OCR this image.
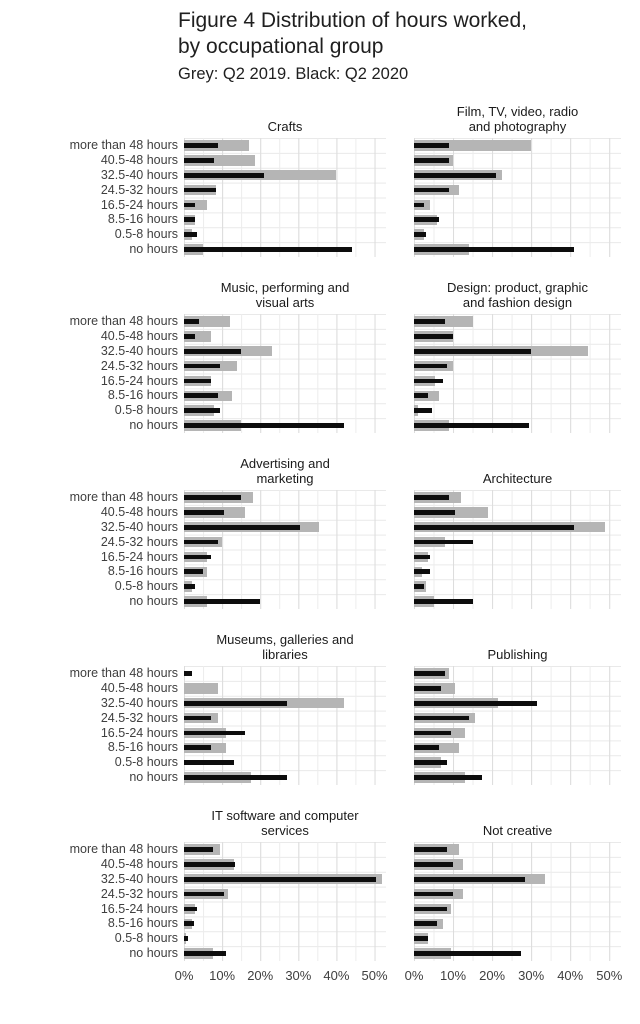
Figure 4 Distribution of hours worked,
by occupational group

Grey: Q2 2019. Black: Q2 2020

Crafts
Film, TV, video, radio
and photography
more than 48 hours
40.5-48 hours
32.5-40 hours
24.5-32 hours
16.5-24 hours
8.5-16 hours
0.5-8 hours
no hours
Music, performing and
visual arts
Design: product, graphic
and fashion design
more than 48 hours
40.5-48 hours
32.5-40 hours
24.5-32 hours
16.5-24 hours
8.5-16 hours
0.5-8 hours
no hours
Advertising and
marketing	Architecture
more than 48 hours
40.5-48 hours
32.5-40 hours
24.5-32 hours
16.5-24 hours
8.5-16 hours
0.5-8 hours
no hours
Museums, galleries and
libraries	Publishing
more than 48 hours
40.5-48 hours
32.5-40 hours
24.5-32 hours
16.5-24 hours
8.5-16 hours
0.5-8 hours
no hours
IT software and computer
services	Not creative
more than 48 hours
40.5-48 hours
32.5-40 hours
24.5-32 hours
16.5-24 hours
8.5-16 hours
0.5-8 hours
no hours
0% 10% 20% 30% 40% 50% 0% 10% 20% 30% 40% 50%
